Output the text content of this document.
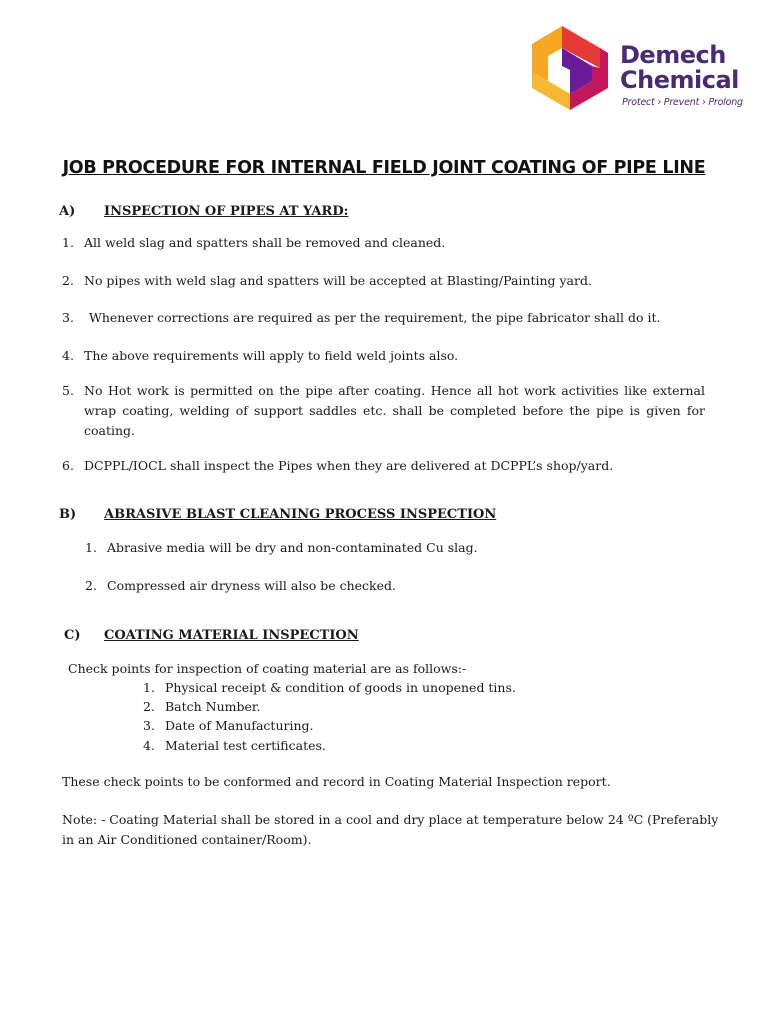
Demech
Chemical
Protect › Prevent › Prolong
JOB PROCEDURE FOR INTERNAL FIELD JOINT COATING OF PIPE LINE
A) INSPECTION OF PIPES AT YARD:
1. All weld slag and spatters shall be removed and cleaned.
2. No pipes with weld slag and spatters will be accepted at Blasting/Painting yard.
3. Whenever corrections are required as per the requirement, the pipe fabricator shall do it.
4. The above requirements will apply to field weld joints also.
5. No Hot work is permitted on the pipe after coating. Hence all hot work activities like external wrap coating, welding of support saddles etc. shall be completed before the pipe is given for coating.
6. DCPPL/IOCL shall inspect the Pipes when they are delivered at DCPPL’s shop/yard.
B) ABRASIVE BLAST CLEANING PROCESS INSPECTION
1. Abrasive media will be dry and non-contaminated Cu slag.
2. Compressed air dryness will also be checked.
C) COATING MATERIAL INSPECTION
Check points for inspection of coating material are as follows:-
1. Physical receipt & condition of goods in unopened tins.
2. Batch Number.
3. Date of Manufacturing.
4. Material test certificates.
These check points to be conformed and record in Coating Material Inspection report.
Note: - Coating Material shall be stored in a cool and dry place at temperature below 24 ºC (Preferably in an Air Conditioned container/Room).
